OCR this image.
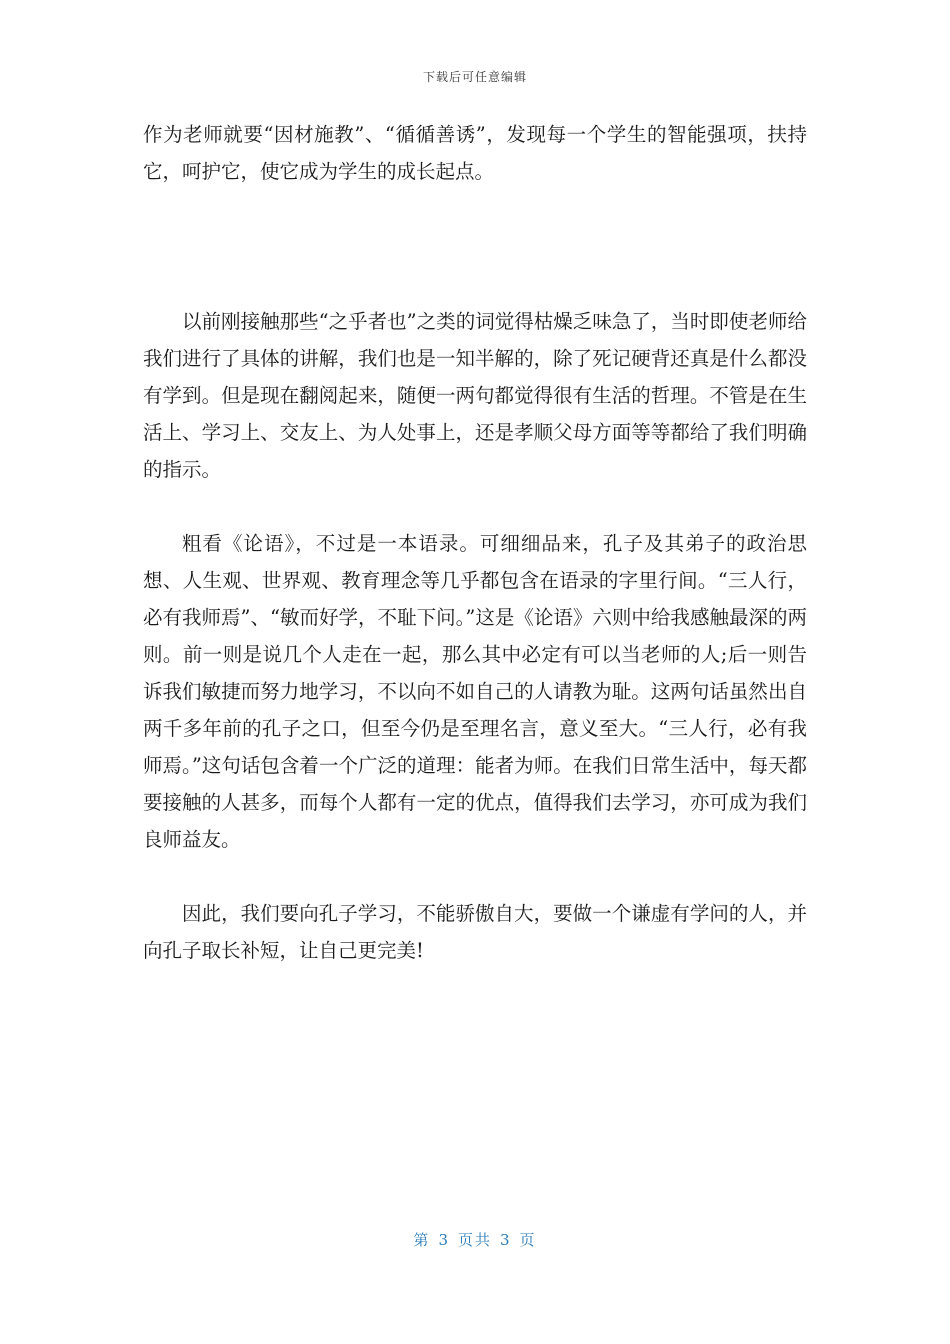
下载后可任意编辑

作为老师就要“因材施教”、“循循善诱”，发现每一个学生的智能强项，扶持它，呵护它，使它成为学生的成长起点。

以前刚接触那些“之乎者也”之类的词觉得枯燥乏味急了，当时即使老师给我们进行了具体的讲解，我们也是一知半解的，除了死记硬背还真是什么都没有学到。但是现在翻阅起来，随便一两句都觉得很有生活的哲理。不管是在生活上、学习上、交友上、为人处事上，还是孝顺父母方面等等都给了我们明确的指示。

粗看《论语》，不过是一本语录。可细细品来，孔子及其弟子的政治思想、人生观、世界观、教育理念等几乎都包含在语录的字里行间。“三人行，必有我师焉”、“敏而好学，不耻下问。”这是《论语》六则中给我感触最深的两则。前一则是说几个人走在一起，那么其中必定有可以当老师的人;后一则告诉我们敏捷而努力地学习，不以向不如自己的人请教为耻。这两句话虽然出自两千多年前的孔子之口，但至今仍是至理名言，意义至大。“三人行，必有我师焉。”这句话包含着一个广泛的道理：能者为师。在我们日常生活中，每天都要接触的人甚多，而每个人都有一定的优点，值得我们去学习，亦可成为我们良师益友。

因此，我们要向孔子学习，不能骄傲自大，要做一个谦虚有学问的人，并向孔子取长补短，让自己更完美!

第 3 页共 3 页
